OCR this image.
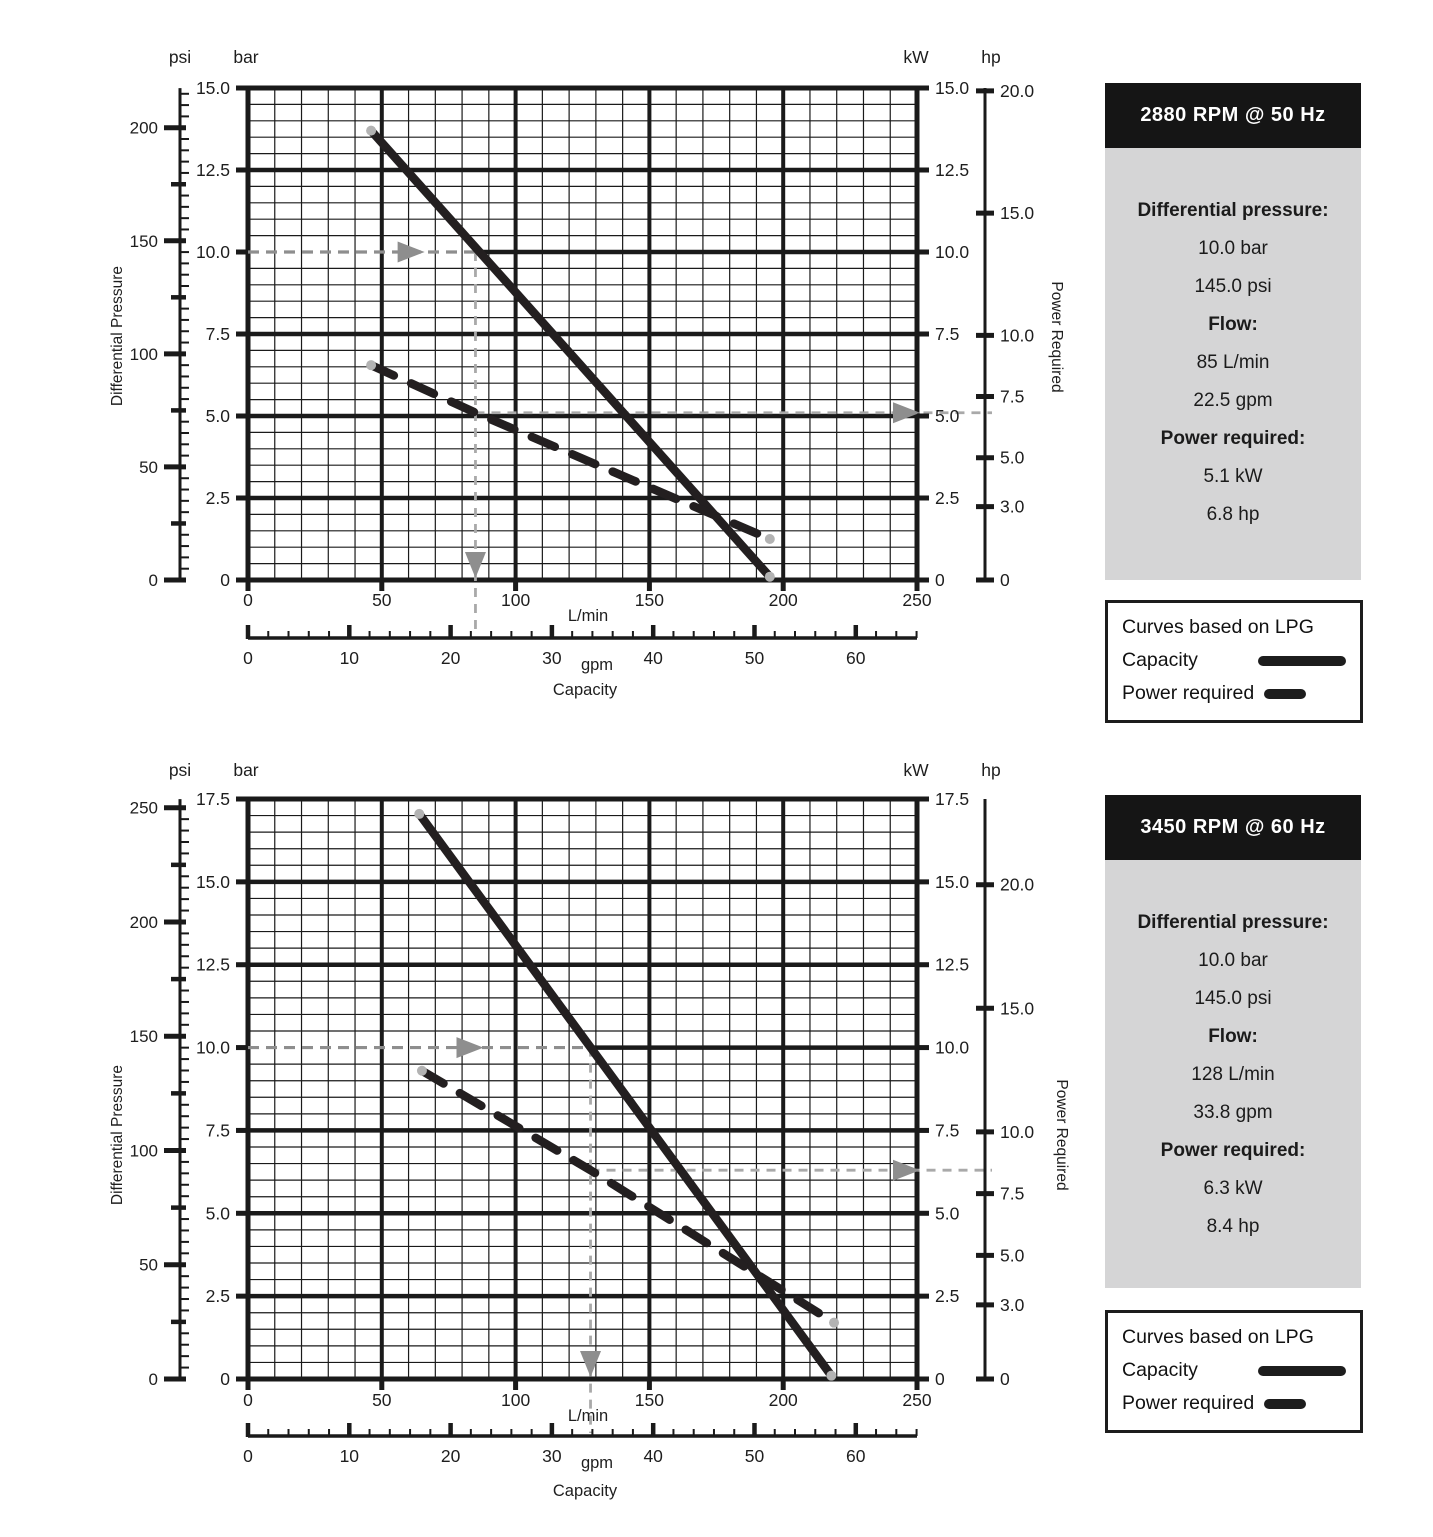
0
50
100
150
200
0
2.5
5.0
7.5
10.0
12.5
15.0
0
2.5
5.0
7.5
10.0
12.5
15.0
0
3.0
5.0
7.5
10.0
15.0
20.0
0	50	100	150	200	250
0	10	20	30	40	50	60
psi bar	kW	hp
L/min
gpm
Capacity
Differential Pressure	Power Required
0
50
100
150
200
250
0
2.5
5.0
7.5
10.0
12.5
15.0
17.5
0
2.5
5.0
7.5
10.0
12.5
15.0
17.5
0
3.0
5.0
7.5
10.0
15.0
20.0
0	50	100	150	200	250
0	10	20	30	40	50	60
psi bar	kW	hp
L/min
gpm
Capacity
Differential Pressure	Power Required
2880 RPM @ 50 Hz
Differential pressure:
10.0 bar
145.0 psi
Flow:
85 L/min
22.5 gpm
Power required:
5.1 kW
6.8 hp
Curves based on LPG
Capacity
Power required
3450 RPM @ 60 Hz
Differential pressure:
10.0 bar
145.0 psi
Flow:
128 L/min
33.8 gpm
Power required:
6.3 kW
8.4 hp
Curves based on LPG
Capacity
Power required
